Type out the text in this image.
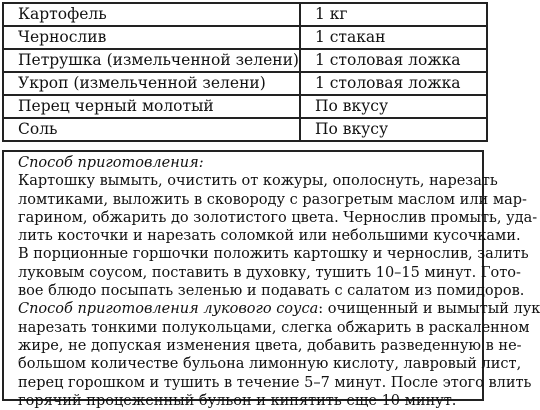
Картофель	1 кг
Чернослив	1 стакан
Петрушка (измельченной зелени)	1 столовая ложка
Укроп (измельченной зелени)	1 столовая ложка
Перец черный молотый	По вкусу
Соль	По вкусу
Способ приготовления:
Картошку вымыть, очистить от кожуры, ополоснуть, нарезать
ломтиками, выложить в сковороду с разогретым маслом или мар-
гарином, обжарить до золотистого цвета. Чернослив промыть, уда-
лить косточки и нарезать соломкой или небольшими кусочками.
В порционные горшочки положить картошку и чернослив, залить
луковым соусом, поставить в духовку, тушить 10–15 минут. Гото-
вое блюдо посыпать зеленью и подавать с салатом из помидоров.
Способ приготовления лукового соуса: очищенный и вымытый лук
нарезать тонкими полукольцами, слегка обжарить в раскаленном
жире, не допуская изменения цвета, добавить разведенную в не-
большом количестве бульона лимонную кислоту, лавровый лист,
перец горошком и тушить в течение 5–7 минут. После этого влить
горячий процеженный бульон и кипятить еще 10 минут.
